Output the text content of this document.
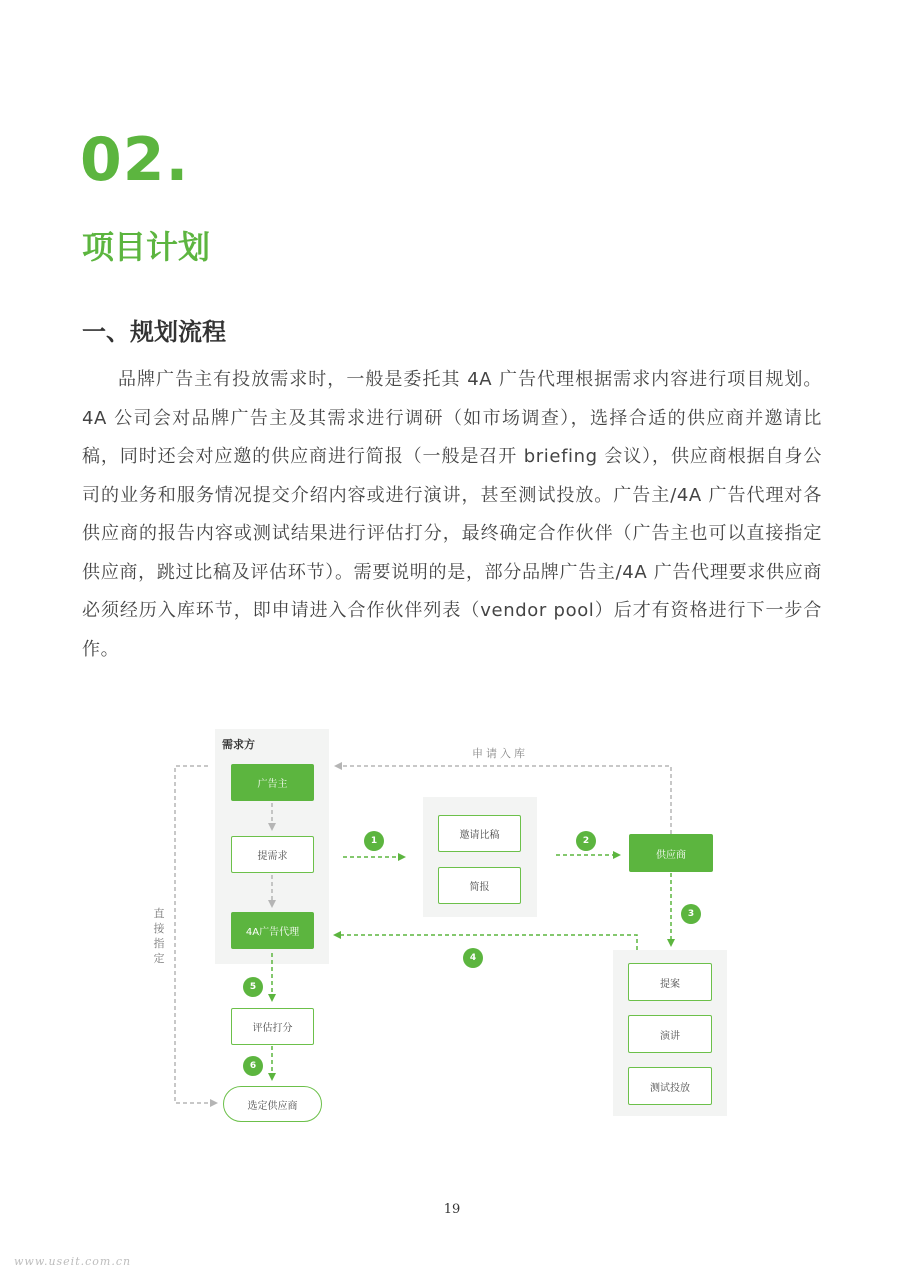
02.
项目计划
一、规划流程

品牌广告主有投放需求时，一般是委托其 4A 广告代理根据需求内容进行项目规划。4A 公司会对品牌广告主及其需求进行调研（如市场调查），选择合适的供应商并邀请比稿，同时还会对应邀的供应商进行简报（一般是召开 briefing 会议），供应商根据自身公司的业务和服务情况提交介绍内容或进行演讲，甚至测试投放。广告主/4A 广告代理对各供应商的报告内容或测试结果进行评估打分，最终确定合作伙伴（广告主也可以直接指定供应商，跳过比稿及评估环节）。需要说明的是，部分品牌广告主/4A 广告代理要求供应商必须经历入库环节，即申请进入合作伙伴列表（vendor pool）后才有资格进行下一步合作。

需求方
广告主
提需求
4A广告代理
邀请比稿
简报
供应商
提案
演讲
测试投放
评估打分
选定供应商
申请入库
直接指定
1	2
3
4
5
6
19
www.useit.com.cn
